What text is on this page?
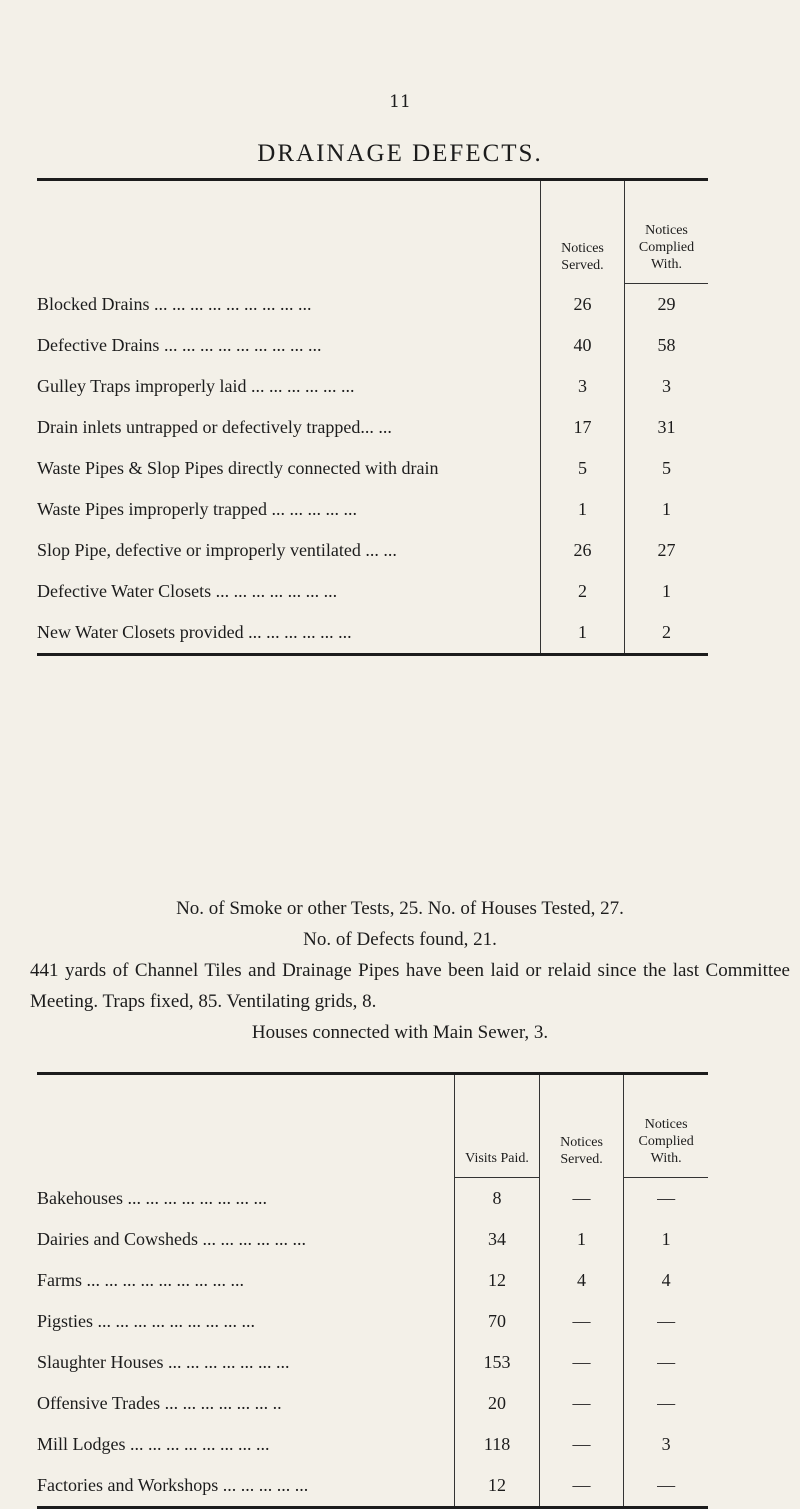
11
DRAINAGE DEFECTS.

	Notices Served.	Notices Complied With.
Blocked Drains ... ... ... ... ... ... ... ... ...	26	29
Defective Drains ... ... ... ... ... ... ... ... ...	40	58
Gulley Traps improperly laid ... ... ... ... ... ...	3	3
Drain inlets untrapped or defectively trapped... ...	17	31
Waste Pipes & Slop Pipes directly connected with drain	5	5
Waste Pipes improperly trapped ... ... ... ... ...	1	1
Slop Pipe, defective or improperly ventilated ... ...	26	27
Defective Water Closets ... ... ... ... ... ... ...	2	1
New Water Closets provided ... ... ... ... ... ...	1	2
No. of Smoke or other Tests, 25. No. of Houses Tested, 27.
No. of Defects found, 21.
441 yards of Channel Tiles and Drainage Pipes have been laid or relaid since the last Committee Meeting. Traps fixed, 85. Ventilating grids, 8.
Houses connected with Main Sewer, 3.
	Visits Paid.	Notices Served.	Notices Complied With.
Bakehouses ... ... ... ... ... ... ... ...	8	—	—
Dairies and Cowsheds ... ... ... ... ... ...	34	1	1
Farms ... ... ... ... ... ... ... ... ...	12	4	4
Pigsties ... ... ... ... ... ... ... ... ...	70	—	—
Slaughter Houses ... ... ... ... ... ... ...	153	—	—
Offensive Trades ... ... ... ... ... ... ..	20	—	—
Mill Lodges ... ... ... ... ... ... ... ...	118	—	3
Factories and Workshops ... ... ... ... ...	12	—	—
